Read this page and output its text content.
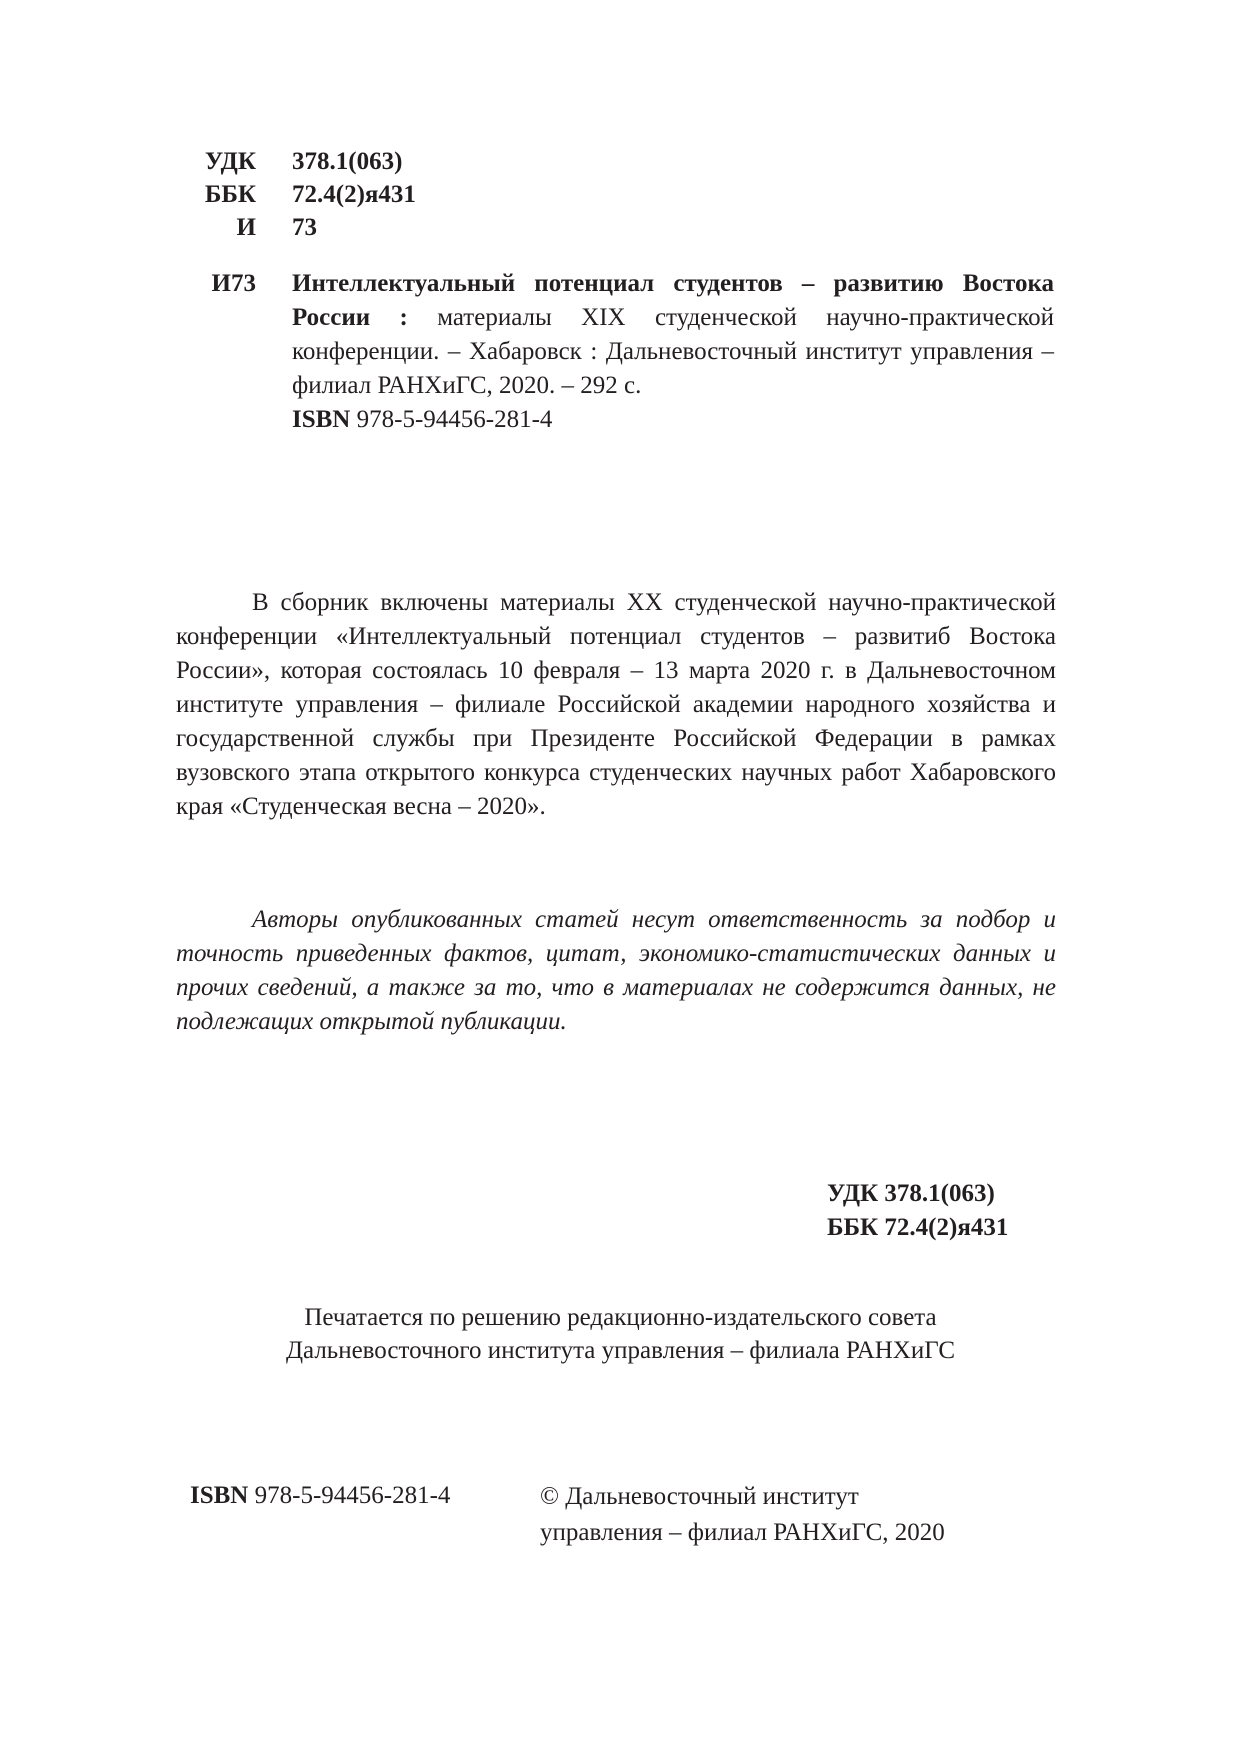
УДК 378.1(063)
ББК 72.4(2)я431
И 73
И73 Интеллектуальный потенциал студентов – развитию Востока России : материалы XIX студенческой научно-практической конференции. – Хабаровск : Дальневосточный институт управления – филиал РАНХиГС, 2020. – 292 с.
ISBN 978-5-94456-281-4

В сборник включены материалы XX студенческой научно-практической конференции «Интеллектуальный потенциал студентов – развитиб Востока России», которая состоялась 10 февраля – 13 марта 2020 г. в Дальневосточном институте управления – филиале Российской академии народного хозяйства и государственной службы при Президенте Российской Федерации в рамках вузовского этапа открытого конкурса студенческих научных работ Хабаровского края «Студенческая весна – 2020».

Авторы опубликованных статей несут ответственность за подбор и точность приведенных фактов, цитат, экономико-статистических данных и прочих сведений, а также за то, что в материалах не содержится данных, не подлежащих открытой публикации.

УДК 378.1(063)
ББК 72.4(2)я431
Печатается по решению редакционно-издательского совета
Дальневосточного института управления – филиала РАНХиГС
ISBN 978-5-94456-281-4	© Дальневосточный институт
управления – филиал РАНХиГС, 2020
